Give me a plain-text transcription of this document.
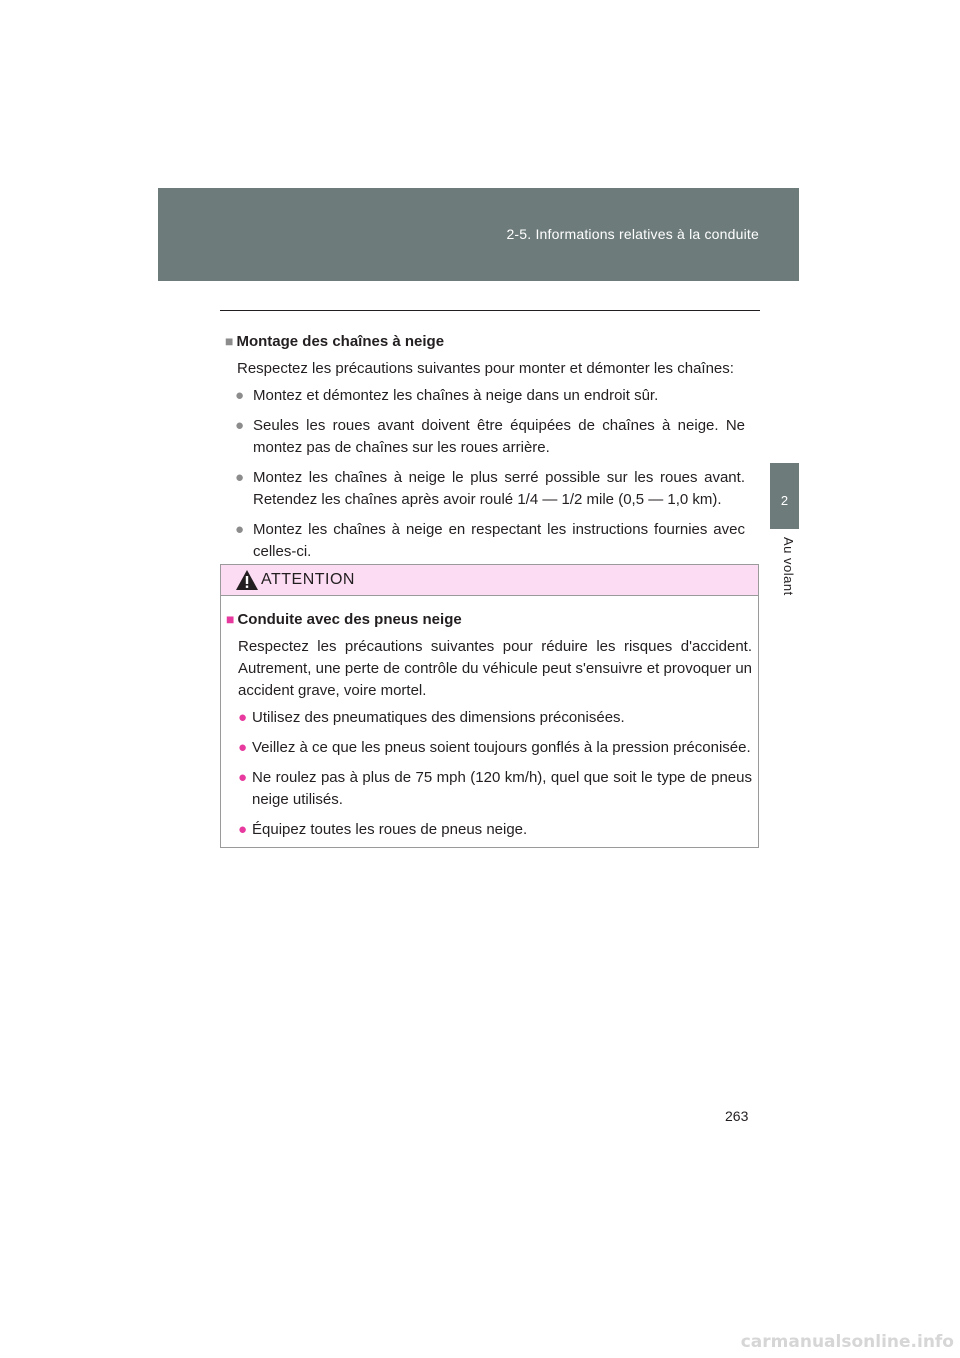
2-5. Informations relatives à la conduite
2
Au volant
■ Montage des chaînes à neige
Respectez les précautions suivantes pour monter et démonter les chaînes:
● Montez et démontez les chaînes à neige dans un endroit sûr.
● Seules les roues avant doivent être équipées de chaînes à neige. Ne montez pas de chaînes sur les roues arrière.
● Montez les chaînes à neige le plus serré possible sur les roues avant. Retendez les chaînes après avoir roulé 1/4 — 1/2 mile (0,5 — 1,0 km).
● Montez les chaînes à neige en respectant les instructions fournies avec celles-ci.
ATTENTION
■ Conduite avec des pneus neige
Respectez les précautions suivantes pour réduire les risques d'accident. Autrement, une perte de contrôle du véhicule peut s'ensuivre et provoquer un accident grave, voire mortel.
● Utilisez des pneumatiques des dimensions préconisées.
● Veillez à ce que les pneus soient toujours gonflés à la pression préconisée.
● Ne roulez pas à plus de 75 mph (120 km/h), quel que soit le type de pneus neige utilisés.
● Équipez toutes les roues de pneus neige.
263
carmanualsonline.info
